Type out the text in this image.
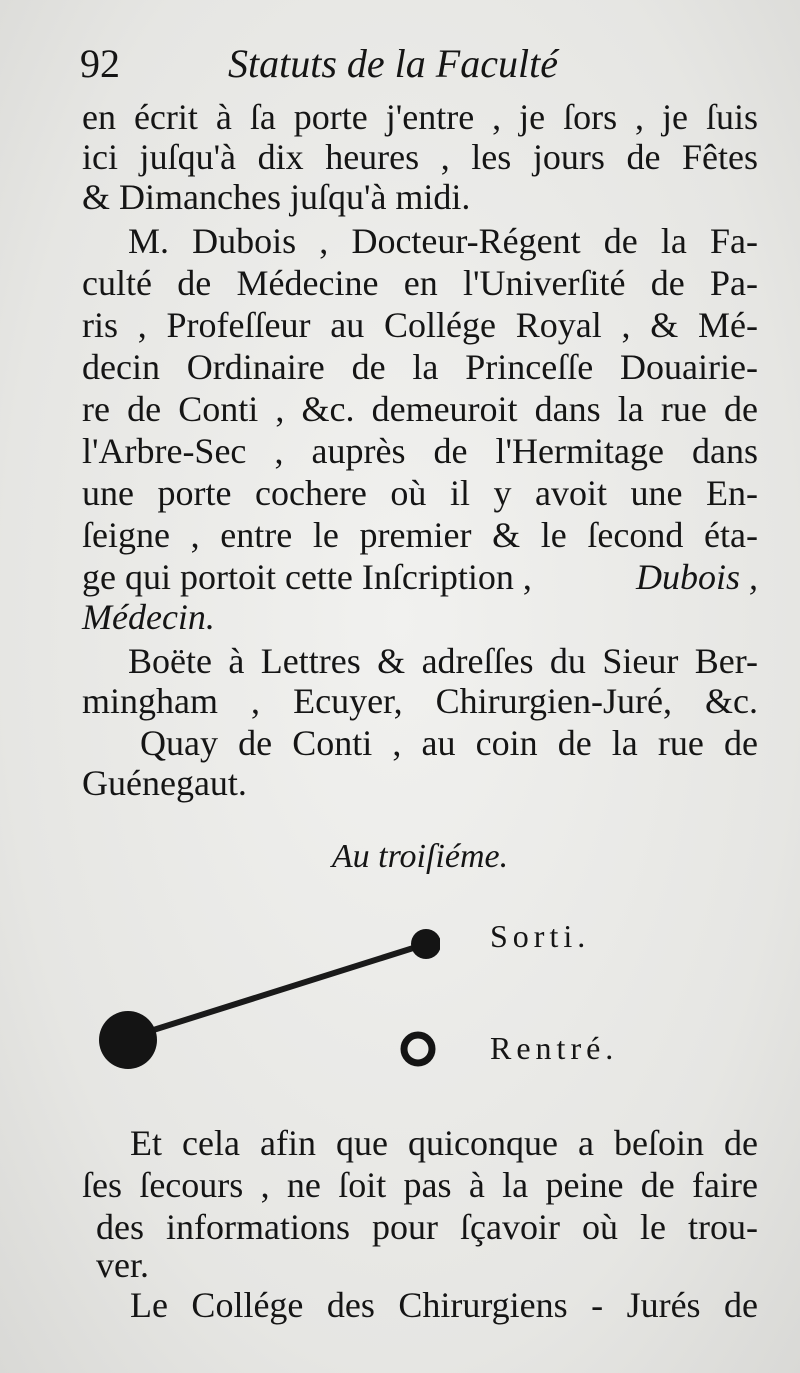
92	Statuts de la Faculté
en écrit à ſa porte j'entre , je ſors , je ſuis
ici juſqu'à dix heures , les jours de Fêtes
& Dimanches juſqu'à midi.
M. Dubois , Docteur-Régent de la Fa-
culté de Médecine en l'Univerſité de Pa-
ris , Profeſſeur au Collége Royal , & Mé-
decin Ordinaire de la Princeſſe Douairie-
re de Conti , &c. demeuroit dans la rue de
l'Arbre-Sec , auprès de l'Hermitage dans
une porte cochere où il y avoit une En-
ſeigne , entre le premier & le ſecond éta-
ge qui portoit cette Inſcription ,	Dubois ,
Médecin.
Boëte à Lettres & adreſſes du Sieur Ber-
mingham , Ecuyer, Chirurgien-Juré, &c.
Quay de Conti , au coin de la rue de
Guénegaut.
Au troiſiéme.
Sorti.
Rentré.
Et cela afin que quiconque a beſoin de
ſes ſecours , ne ſoit pas à la peine de faire
des informations pour ſçavoir où le trou-
ver.
Le Collége des Chirurgiens - Jurés de
